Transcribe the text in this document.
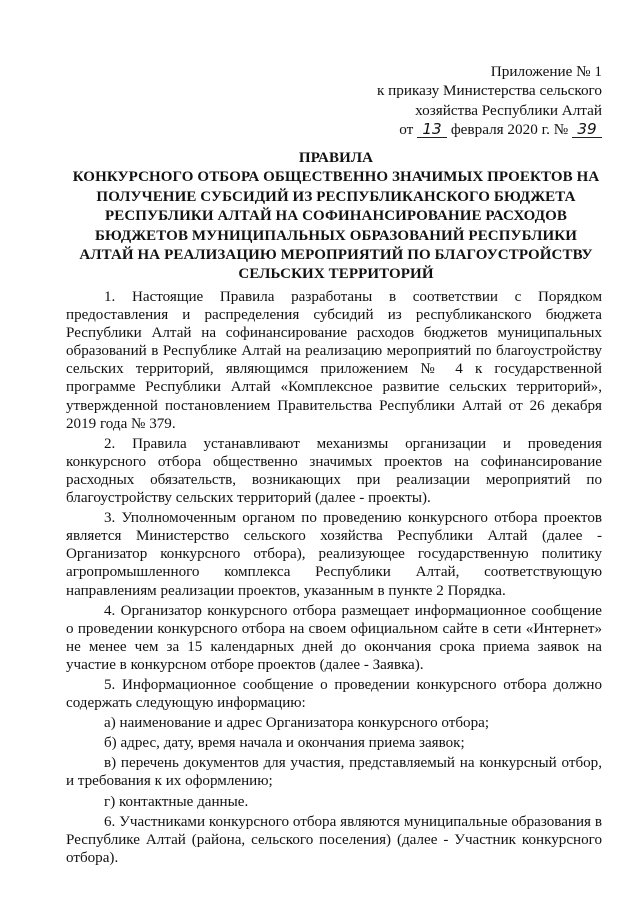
Приложение № 1
к приказу Министерства сельского
хозяйства Республики Алтай
от 13 февраля 2020 г. № 39
ПРАВИЛА
КОНКУРСНОГО ОТБОРА ОБЩЕСТВЕННО ЗНАЧИМЫХ ПРОЕКТОВ НА
ПОЛУЧЕНИЕ СУБСИДИЙ ИЗ РЕСПУБЛИКАНСКОГО БЮДЖЕТА
РЕСПУБЛИКИ АЛТАЙ НА СОФИНАНСИРОВАНИЕ РАСХОДОВ
БЮДЖЕТОВ МУНИЦИПАЛЬНЫХ ОБРАЗОВАНИЙ РЕСПУБЛИКИ
АЛТАЙ НА РЕАЛИЗАЦИЮ МЕРОПРИЯТИЙ ПО БЛАГОУСТРОЙСТВУ
СЕЛЬСКИХ ТЕРРИТОРИЙ

1. Настоящие Правила разработаны в соответствии с Порядком предоставления и распределения субсидий из республиканского бюджета Республики Алтай на софинансирование расходов бюджетов муниципальных образований в Республике Алтай на реализацию мероприятий по благоустройству сельских территорий, являющимся приложением № 4 к государственной программе Республики Алтай «Комплексное развитие сельских территорий», утвержденной постановлением Правительства Республики Алтай от 26 декабря 2019 года № 379.

2. Правила устанавливают механизмы организации и проведения конкурсного отбора общественно значимых проектов на софинансирование расходных обязательств, возникающих при реализации мероприятий по благоустройству сельских территорий (далее - проекты).

3. Уполномоченным органом по проведению конкурсного отбора проектов является Министерство сельского хозяйства Республики Алтай (далее - Организатор конкурсного отбора), реализующее государственную политику агропромышленного комплекса Республики Алтай, соответствующую направлениям реализации проектов, указанным в пункте 2 Порядка.

4. Организатор конкурсного отбора размещает информационное сообщение о проведении конкурсного отбора на своем официальном сайте в сети «Интернет» не менее чем за 15 календарных дней до окончания срока приема заявок на участие в конкурсном отборе проектов (далее - Заявка).

5. Информационное сообщение о проведении конкурсного отбора должно содержать следующую информацию:

а) наименование и адрес Организатора конкурсного отбора;

б) адрес, дату, время начала и окончания приема заявок;

в) перечень документов для участия, представляемый на конкурсный отбор, и требования к их оформлению;

г) контактные данные.

6. Участниками конкурсного отбора являются муниципальные образования в Республике Алтай (района, сельского поселения) (далее - Участник конкурсного отбора).
